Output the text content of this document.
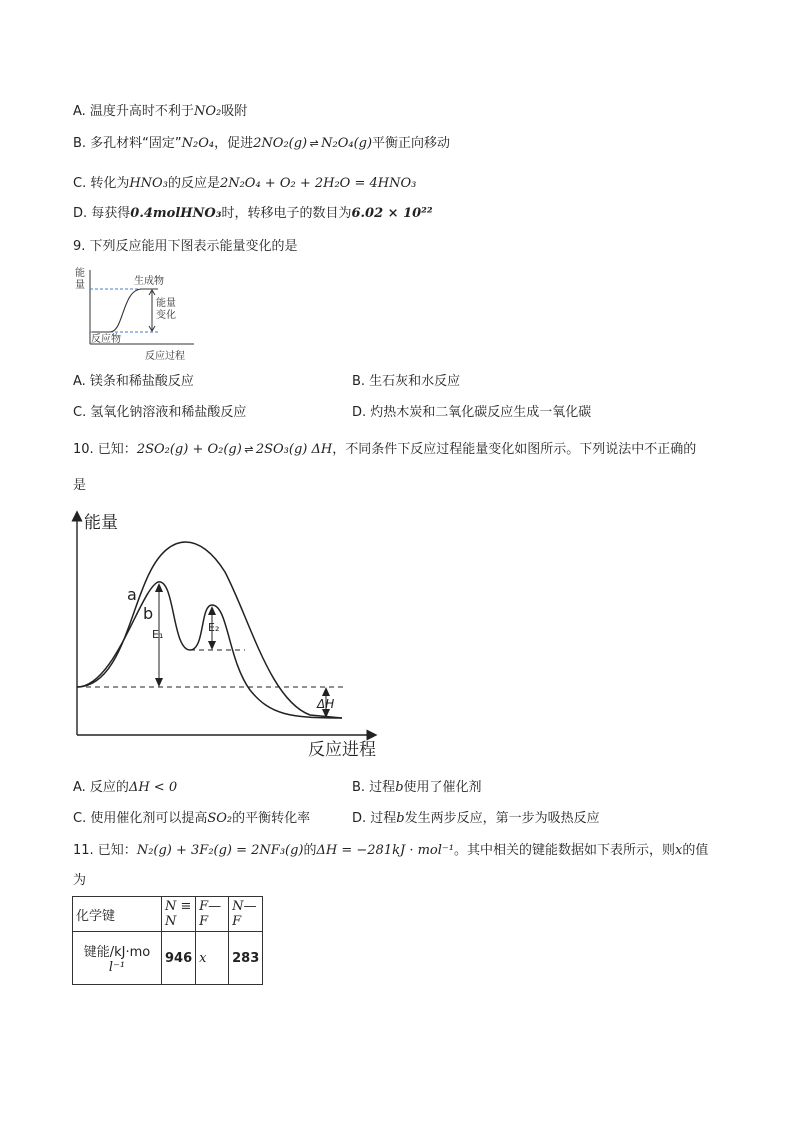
A. 温度升高时不利于NO₂吸附
B. 多孔材料“固定”N₂O₄，促进2NO₂(g) ⇌ N₂O₄(g)平衡正向移动
C. 转化为HNO₃的反应是2N₂O₄ + O₂ + 2H₂O = 4HNO₃
D. 每获得0.4molHNO₃时，转移电子的数目为6.02 × 10²²
9. 下列反应能用下图表示能量变化的是
能
量	生成物
能量
变化
反应物
反应过程
A. 镁条和稀盐酸反应	B. 生石灰和水反应
C. 氢氧化钠溶液和稀盐酸反应	D. 灼热木炭和二氧化碳反应生成一氧化碳
10. 已知：2SO₂(g) + O₂(g) ⇌ 2SO₃(g) ΔH，不同条件下反应过程能量变化如图所示。下列说法中不正确的
是
能量
反应进程
a
b
E₁
E₂
ΔH
A. 反应的ΔH < 0	B. 过程b使用了催化剂
C. 使用催化剂可以提高SO₂的平衡转化率	D. 过程b发生两步反应，第一步为吸热反应
11. 已知：N₂(g) + 3F₂(g) = 2NF₃(g)的ΔH = −281kJ · mol⁻¹。其中相关的键能数据如下表所示，则x的值
为
化学键	N ≡ N	F—F	N—F

键能/kJ·mo
l⁻¹	946	x	283
